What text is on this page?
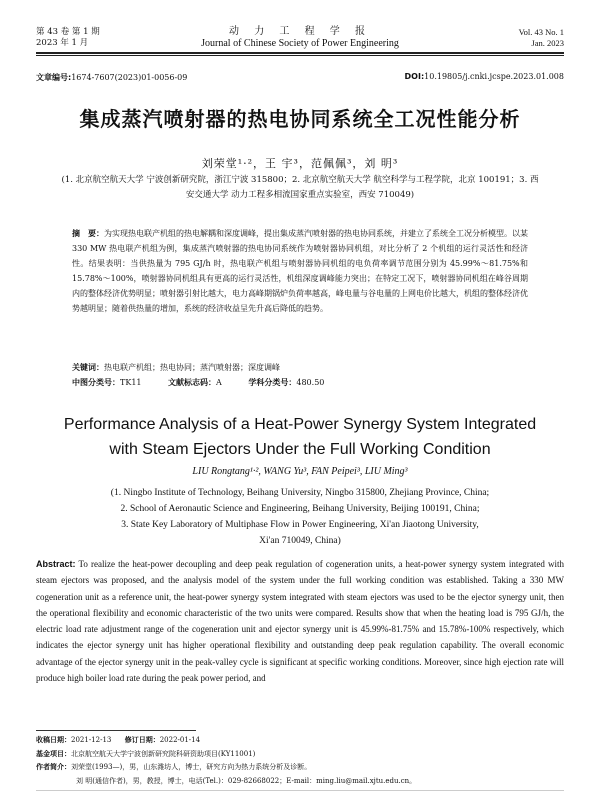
第 43 卷 第 1 期
2023 年 1 月
动 力 工 程 学 报
Journal of Chinese Society of Power Engineering
Vol. 43 No. 1
Jan. 2023
文章编号:1674-7607(2023)01-0056-09	DOI:10.19805/j.cnki.jcspe.2023.01.008
集成蒸汽喷射器的热电协同系统全工况性能分析
刘荣堂¹·²，王 宇³，范佩佩³，刘 明³
(1. 北京航空航天大学 宁波创新研究院，浙江宁波 315800；2. 北京航空航天大学 航空科学与工程学院，北京 100191；3. 西安交通大学 动力工程多相流国家重点实验室，西安 710049)
摘　要：为实现热电联产机组的热电解耦和深度调峰，提出集成蒸汽喷射器的热电协同系统，并建立了系统全工况分析模型。以某 330 MW 热电联产机组为例，集成蒸汽喷射器的热电协同系统作为喷射器协同机组，对比分析了 2 个机组的运行灵活性和经济性。结果表明：当供热量为 795 GJ/h 时，热电联产机组与喷射器协同机组的电负荷率调节范围分别为 45.99%～81.75%和 15.78%～100%，喷射器协同机组具有更高的运行灵活性，机组深度调峰能力突出；在特定工况下，喷射器协同机组在峰谷周期内的整体经济优势明显；喷射器引射比越大，电力高峰期锅炉负荷率越高，峰电量与谷电量的上网电价比越大，机组的整体经济优势越明显；随着供热量的增加，系统的经济收益呈先升高后降低的趋势。
关键词：热电联产机组；热电协同；蒸汽喷射器；深度调峰
中图分类号：TK11	文献标志码：A	学科分类号：480.50
Performance Analysis of a Heat-Power Synergy System Integrated
with Steam Ejectors Under the Full Working Condition
LIU Rongtang¹·², WANG Yu³, FAN Peipei³, LIU Ming³
(1. Ningbo Institute of Technology, Beihang University, Ningbo 315800, Zhejiang Province, China;
2. School of Aeronautic Science and Engineering, Beihang University, Beijing 100191, China;
3. State Key Laboratory of Multiphase Flow in Power Engineering, Xi'an Jiaotong University,
Xi'an 710049, China)
Abstract: To realize the heat-power decoupling and deep peak regulation of cogeneration units, a heat-power synergy system integrated with steam ejectors was proposed, and the analysis model of the system under the full working condition was established. Taking a 330 MW cogeneration unit as a reference unit, the heat-power synergy system integrated with steam ejectors was used to be the ejector synergy unit, then the operational flexibility and economic characteristic of the two units were compared. Results show that when the heating load is 795 GJ/h, the electric load rate adjustment range of the cogeneration unit and ejector synergy unit is 45.99%-81.75% and 15.78%-100% respectively, which indicates the ejector synergy unit has higher operational flexibility and outstanding deep peak regulation capability. The overall economic advantage of the ejector synergy unit in the peak-valley cycle is significant at specific working conditions. Moreover, since high ejection rate will produce high boiler load rate during the peak power period, and
收稿日期：2021-12-13 修订日期：2022-01-14
基金项目：北京航空航天大学宁波创新研究院科研资助项目(KY11001)
作者简介：刘荣堂(1993—)，男，山东潍坊人，博士，研究方向为热力系统分析及诊断。
刘 明(通信作者)，男，教授，博士，电话(Tel.)：029-82668022；E-mail：ming.liu@mail.xjtu.edu.cn。
